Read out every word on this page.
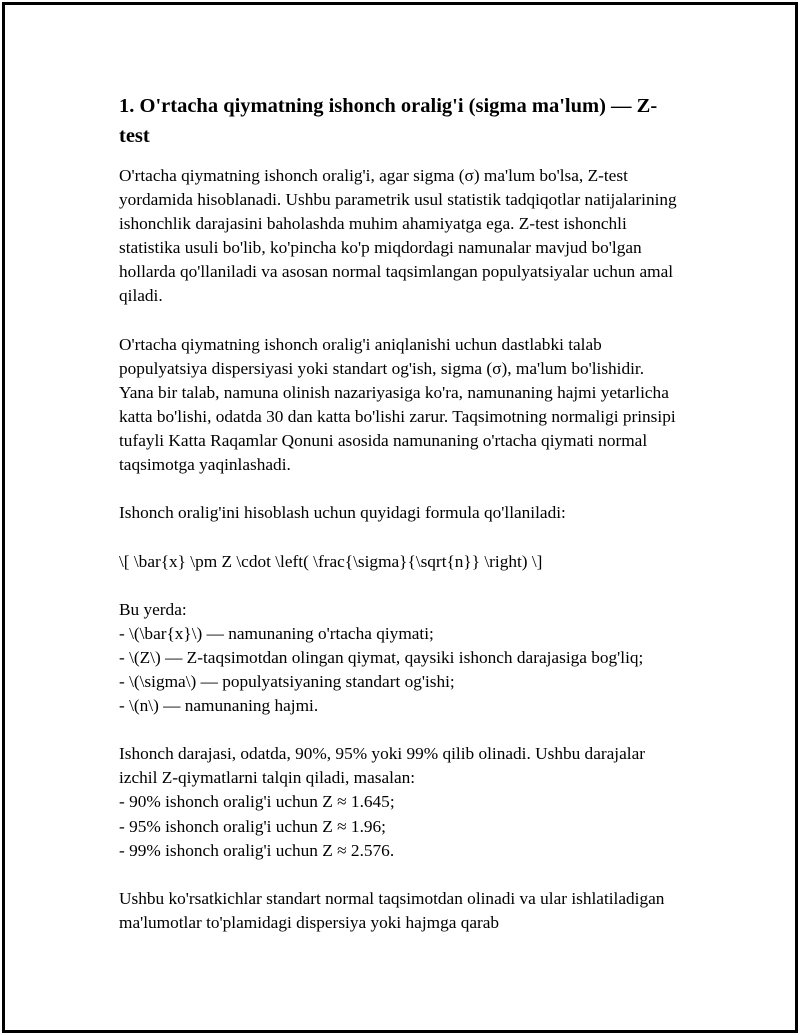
1. O'rtacha qiymatning ishonch oralig'i (sigma ma'lum) — Z-test

O'rtacha qiymatning ishonch oralig'i, agar sigma (σ) ma'lum bo'lsa, Z-test yordamida hisoblanadi. Ushbu parametrik usul statistik tadqiqotlar natijalarining ishonchlik darajasini baholashda muhim ahamiyatga ega. Z-test ishonchli statistika usuli bo'lib, ko'pincha ko'p miqdordagi namunalar mavjud bo'lgan hollarda qo'llaniladi va asosan normal taqsimlangan populyatsiyalar uchun amal qiladi.

O'rtacha qiymatning ishonch oralig'i aniqlanishi uchun dastlabki talab populyatsiya dispersiyasi yoki standart og'ish, sigma (σ), ma'lum bo'lishidir. Yana bir talab, namuna olinish nazariyasiga ko'ra, namunaning hajmi yetarlicha katta bo'lishi, odatda 30 dan katta bo'lishi zarur. Taqsimotning normaligi prinsipi tufayli Katta Raqamlar Qonuni asosida namunaning o'rtacha qiymati normal taqsimotga yaqinlashadi.

Ishonch oralig'ini hisoblash uchun quyidagi formula qo'llaniladi:

\[ \bar{x} \pm Z \cdot \left( \frac{\sigma}{\sqrt{n}} \right) \]

Bu yerda:
- \(\bar{x}\) — namunaning o'rtacha qiymati;
- \(Z\) — Z-taqsimotdan olingan qiymat, qaysiki ishonch darajasiga bog'liq;
- \(\sigma\) — populyatsiyaning standart og'ishi;
- \(n\) — namunaning hajmi.

Ishonch darajasi, odatda, 90%, 95% yoki 99% qilib olinadi. Ushbu darajalar izchil Z-qiymatlarni talqin qiladi, masalan:
- 90% ishonch oralig'i uchun Z ≈ 1.645;
- 95% ishonch oralig'i uchun Z ≈ 1.96;
- 99% ishonch oralig'i uchun Z ≈ 2.576.

Ushbu ko'rsatkichlar standart normal taqsimotdan olinadi va ular ishlatiladigan ma'lumotlar to'plamidagi dispersiya yoki hajmga qarab
